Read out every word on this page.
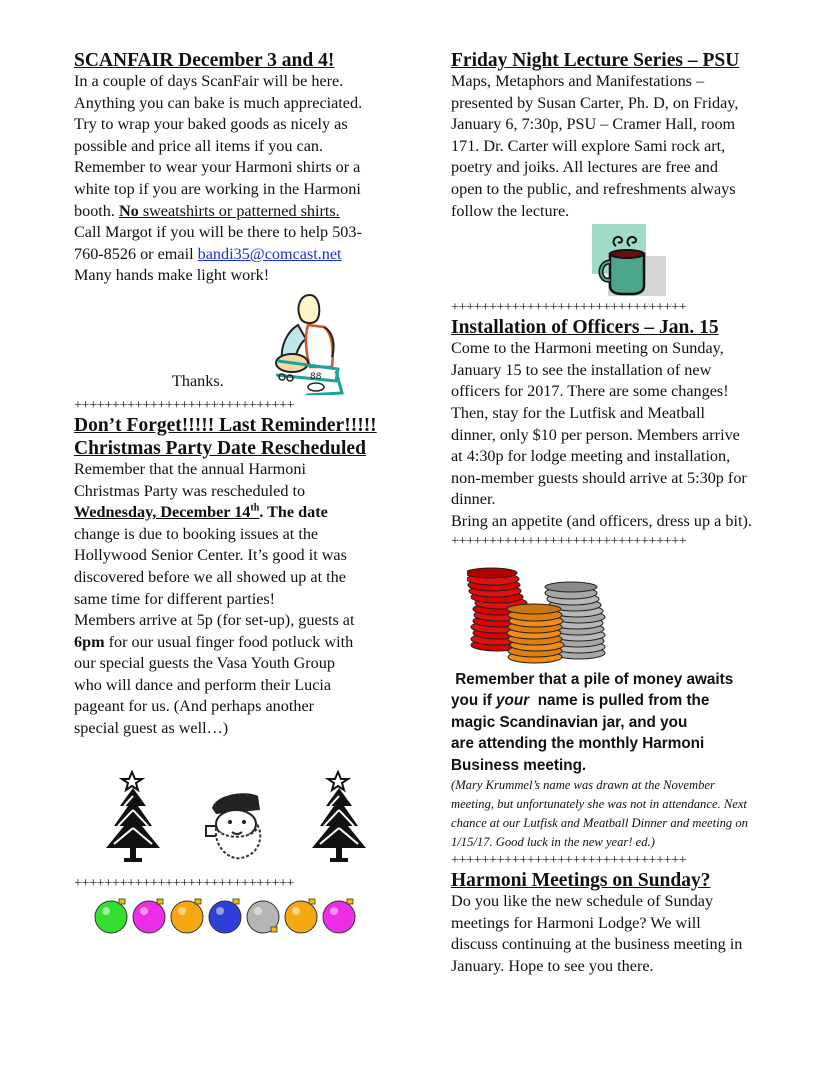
SCANFAIR December 3 and 4!

In a couple of days ScanFair will be here.

Anything you can bake is much appreciated.

Try to wrap your baked goods as nicely as

possible and price all items if you can.

Remember to wear your Harmoni shirts or a

white top if you are working in the Harmoni

booth. No sweatshirts or patterned shirts.

Call Margot if you will be there to help 503-

760-8526 or email bandi35@comcast.net

Many hands make light work!

88

Thanks.

+++++++++++++++++++++++++++++

Don’t Forget!!!!! Last Reminder!!!!!
Christmas Party Date Rescheduled

Remember that the annual Harmoni

Christmas Party was rescheduled to

Wednesday, December 14th. The date

change is due to booking issues at the

Hollywood Senior Center. It’s good it was

discovered before we all showed up at the

same time for different parties!

Members arrive at 5p (for set-up), guests at

6pm for our usual finger food potluck with

our special guests the Vasa Youth Group

who will dance and perform their Lucia

pageant for us. (And perhaps another

special guest as well…)

+++++++++++++++++++++++++++++

Friday Night Lecture Series – PSU

Maps, Metaphors and Manifestations –

presented by Susan Carter, Ph. D, on Friday,

January 6, 7:30p, PSU – Cramer Hall, room

171. Dr. Carter will explore Sami rock art,

poetry and joiks. All lectures are free and

open to the public, and refreshments always

follow the lecture.

+++++++++++++++++++++++++++++++

Installation of Officers – Jan. 15

Come to the Harmoni meeting on Sunday,

January 15 to see the installation of new

officers for 2017. There are some changes!

Then, stay for the Lutfisk and Meatball

dinner, only $10 per person. Members arrive

at 4:30p for lodge meeting and installation,

non-member guests should arrive at 5:30p for

dinner.

Bring an appetite (and officers, dress up a bit).

+++++++++++++++++++++++++++++++

Remember that a pile of money awaits

you if your  name is pulled from the

magic Scandinavian jar, and you

are attending the monthly Harmoni

Business meeting.

(Mary Krummel’s name was drawn at the November

meeting, but unfortunately she was not in attendance. Next

chance at our Lutfisk and Meatball Dinner and meeting on

1/15/17. Good luck in the new year! ed.)

+++++++++++++++++++++++++++++++

Harmoni Meetings on Sunday?

Do you like the new schedule of Sunday

meetings for Harmoni Lodge? We will

discuss continuing at the business meeting in

January. Hope to see you there.
